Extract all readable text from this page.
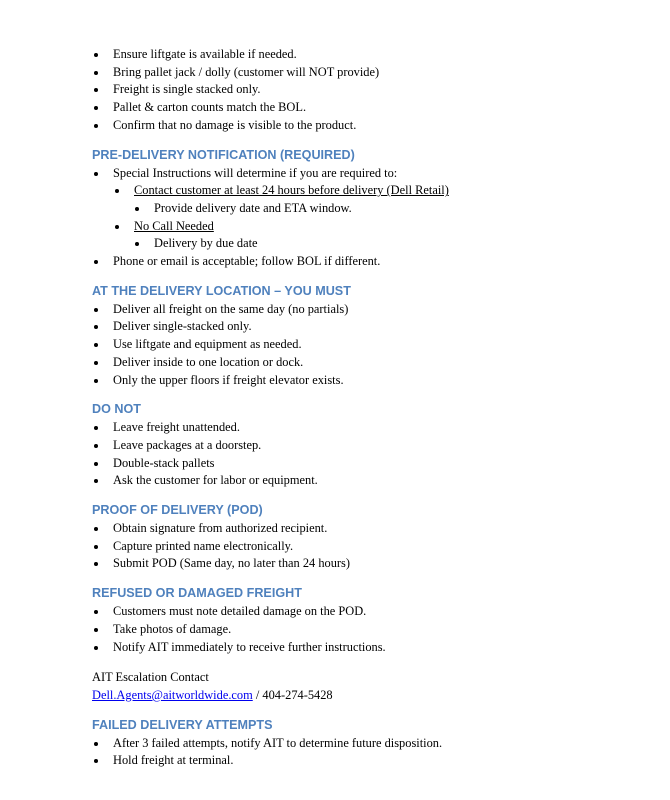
Ensure liftgate is available if needed.
Bring pallet jack / dolly (customer will NOT provide)
Freight is single stacked only.
Pallet & carton counts match the BOL.
Confirm that no damage is visible to the product.
PRE-DELIVERY NOTIFICATION (REQUIRED)
Special Instructions will determine if you are required to:
Contact customer at least 24 hours before delivery (Dell Retail)
Provide delivery date and ETA window.
No Call Needed
Delivery by due date
Phone or email is acceptable; follow BOL if different.
AT THE DELIVERY LOCATION – YOU MUST
Deliver all freight on the same day (no partials)
Deliver single-stacked only.
Use liftgate and equipment as needed.
Deliver inside to one location or dock.
Only the upper floors if freight elevator exists.
DO NOT
Leave freight unattended.
Leave packages at a doorstep.
Double-stack pallets
Ask the customer for labor or equipment.
PROOF OF DELIVERY (POD)
Obtain signature from authorized recipient.
Capture printed name electronically.
Submit POD (Same day, no later than 24 hours)
REFUSED OR DAMAGED FREIGHT
Customers must note detailed damage on the POD.
Take photos of damage.
Notify AIT immediately to receive further instructions.
AIT Escalation Contact
Dell.Agents@aitworldwide.com / 404-274-5428
FAILED DELIVERY ATTEMPTS
After 3 failed attempts, notify AIT to determine future disposition.
Hold freight at terminal.
